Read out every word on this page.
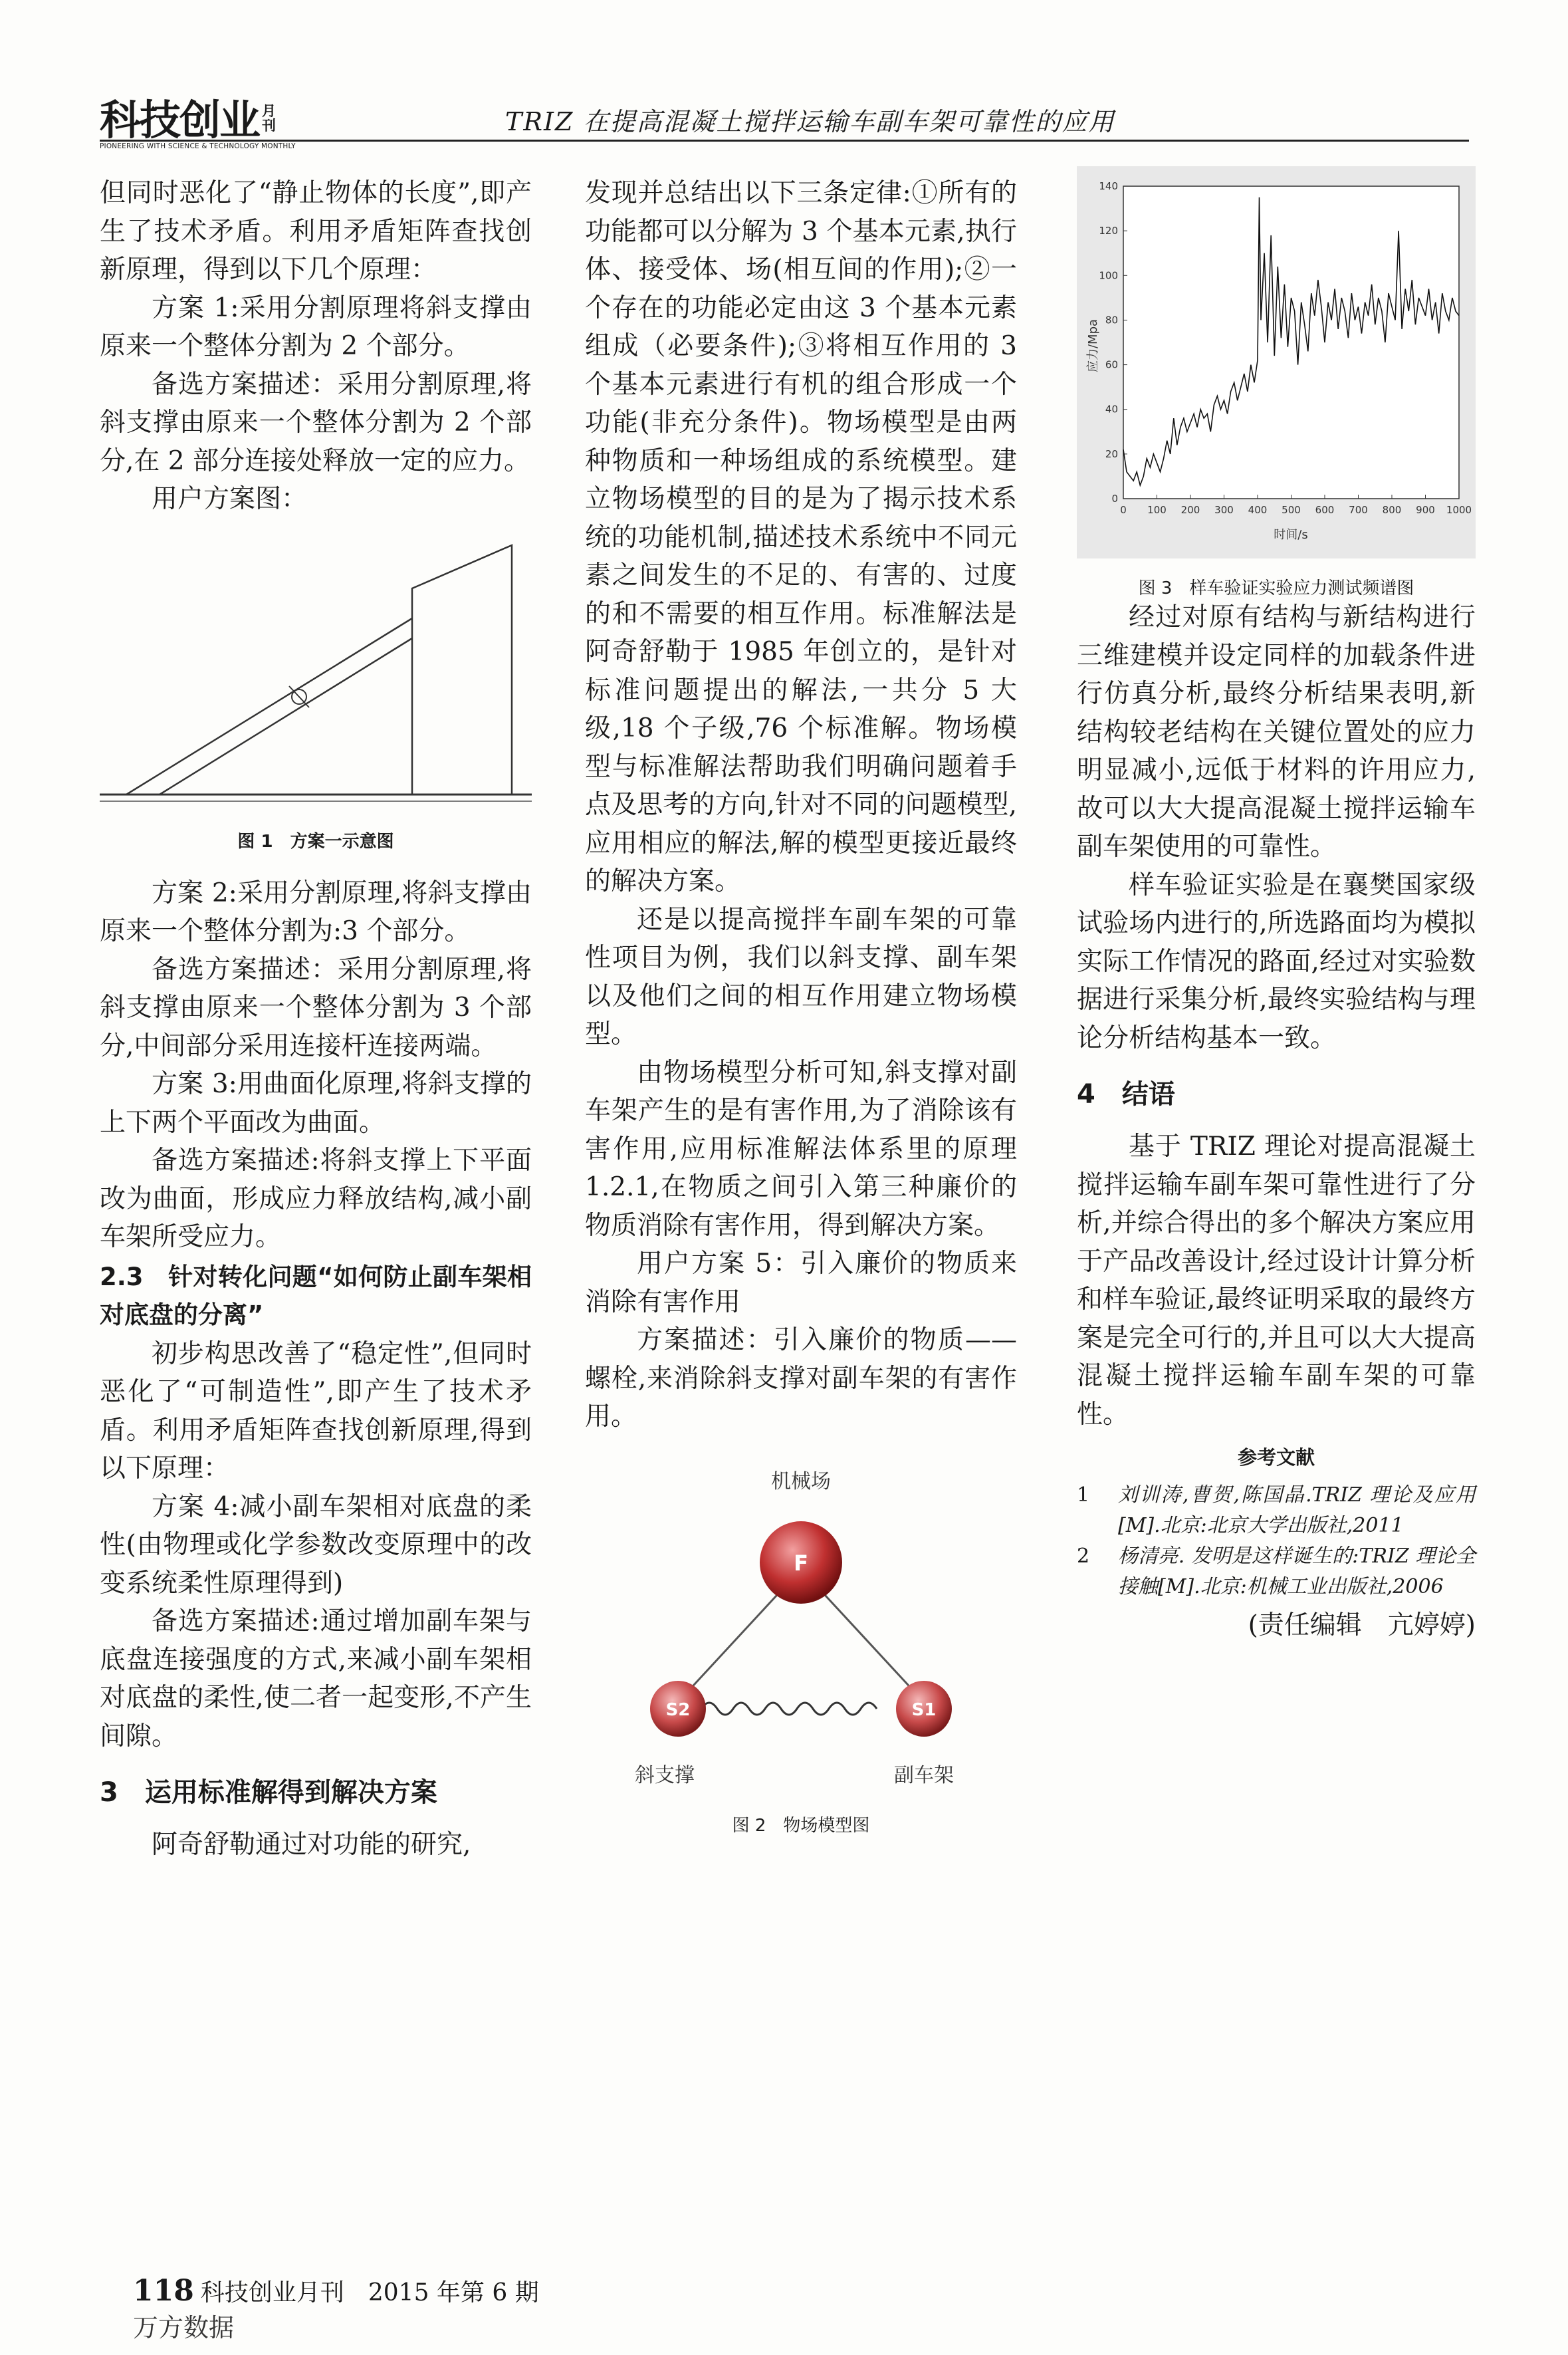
科技创业 月刊
PIONEERING WITH SCIENCE & TECHNOLOGY MONTHLY
TRIZ 在提高混凝土搅拌运输车副车架可靠性的应用

但同时恶化了“静止物体的长度”,即产生了技术矛盾。利用矛盾矩阵查找创新原理，得到以下几个原理：

方案 1:采用分割原理将斜支撑由原来一个整体分割为 2 个部分。

备选方案描述：采用分割原理,将斜支撑由原来一个整体分割为 2 个部分,在 2 部分连接处释放一定的应力。

用户方案图：

图 1　方案一示意图

方案 2:采用分割原理,将斜支撑由原来一个整体分割为:3 个部分。

备选方案描述：采用分割原理,将斜支撑由原来一个整体分割为 3 个部分,中间部分采用连接杆连接两端。

方案 3:用曲面化原理,将斜支撑的上下两个平面改为曲面。

备选方案描述:将斜支撑上下平面改为曲面，形成应力释放结构,减小副车架所受应力。

2.3　针对转化问题“如何防止副车架相对底盘的分离”

初步构思改善了“稳定性”,但同时恶化了“可制造性”,即产生了技术矛盾。利用矛盾矩阵查找创新原理,得到以下原理：

方案 4:减小副车架相对底盘的柔性(由物理或化学参数改变原理中的改变系统柔性原理得到)

备选方案描述:通过增加副车架与底盘连接强度的方式,来减小副车架相对底盘的柔性,使二者一起变形,不产生间隙。

3　运用标准解得到解决方案

阿奇舒勒通过对功能的研究,

发现并总结出以下三条定律:①所有的功能都可以分解为 3 个基本元素,执行体、接受体、场(相互间的作用);②一个存在的功能必定由这 3 个基本元素组成（必要条件);③将相互作用的 3 个基本元素进行有机的组合形成一个功能(非充分条件)。物场模型是由两种物质和一种场组成的系统模型。建立物场模型的目的是为了揭示技术系统的功能机制,描述技术系统中不同元素之间发生的不足的、有害的、过度的和不需要的相互作用。标准解法是阿奇舒勒于 1985 年创立的，是针对标准问题提出的解法,一共分 5 大级,18 个子级,76 个标准解。物场模型与标准解法帮助我们明确问题着手点及思考的方向,针对不同的问题模型,应用相应的解法,解的模型更接近最终的解决方案。

还是以提高搅拌车副车架的可靠性项目为例，我们以斜支撑、副车架以及他们之间的相互作用建立物场模型。

由物场模型分析可知,斜支撑对副车架产生的是有害作用,为了消除该有害作用,应用标准解法体系里的原理 1.2.1,在物质之间引入第三种廉价的物质消除有害作用，得到解决方案。

用户方案 5：引入廉价的物质来消除有害作用

方案描述：引入廉价的物质——螺栓,来消除斜支撑对副车架的有害作用。

机械场
F
S2	S1
斜支撑	副车架
图 2　物场模型图
0 100 200 300 400 500 600 700 800 900 1000
0
20
40
60
80
100
120
140
应力/Mpa
时间/s
图 3　样车验证实验应力测试频谱图

经过对原有结构与新结构进行三维建模并设定同样的加载条件进行仿真分析,最终分析结果表明,新结构较老结构在关键位置处的应力明显减小,远低于材料的许用应力,故可以大大提高混凝土搅拌运输车副车架使用的可靠性。

样车验证实验是在襄樊国家级试验场内进行的,所选路面均为模拟实际工作情况的路面,经过对实验数据进行采集分析,最终实验结构与理论分析结构基本一致。

4　结语

基于 TRIZ 理论对提高混凝土搅拌运输车副车架可靠性进行了分析,并综合得出的多个解决方案应用于产品改善设计,经过设计计算分析和样车验证,最终证明采取的最终方案是完全可行的,并且可以大大提高混凝土搅拌运输车副车架的可靠性。

参考文献
1 刘训涛,曹贺,陈国晶.TRIZ 理论及应用[M].北京:北京大学出版社,2011
2 杨清亮. 发明是这样诞生的:TRIZ 理论全接触[M].北京:机械工业出版社,2006
(责任编辑　亢婷婷)
118 科技创业月刊　2015 年第 6 期
万方数据
